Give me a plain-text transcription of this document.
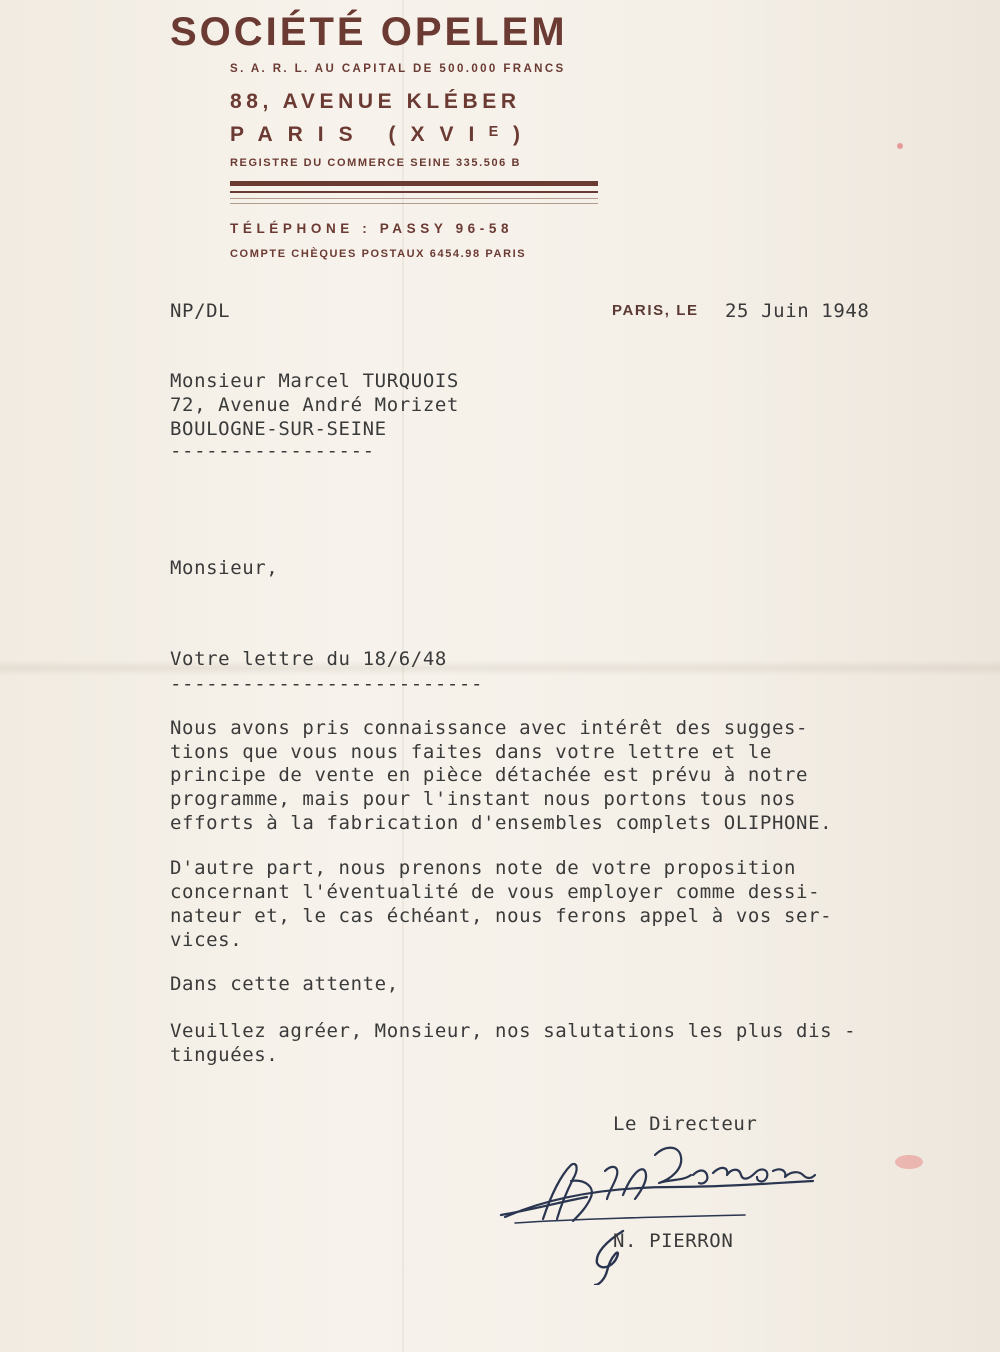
SOCIÉTÉ OPELEM
S. A. R. L. AU CAPITAL DE 500.000 FRANCS
88, AVENUE KLÉBER
PARIS (XVIᴱ)
REGISTRE DU COMMERCE SEINE 335.506 B
TÉLÉPHONE : PASSY 96-58
COMPTE CHÈQUES POSTAUX 6454.98 PARIS
NP/DL	PARIS, LE 25 Juin 1948
Monsieur Marcel TURQUOIS
72, Avenue André Morizet
BOULOGNE-SUR-SEINE
-----------------
Monsieur,
Votre lettre du 18/6/48
--------------------------
Nous avons pris connaissance avec intérêt des sugges-
tions que vous nous faites dans votre lettre et le
principe de vente en pièce détachée est prévu à notre
programme, mais pour l'instant nous portons tous nos
efforts à la fabrication d'ensembles complets OLIPHONE.
D'autre part, nous prenons note de votre proposition
concernant l'éventualité de vous employer comme dessi-
nateur et, le cas échéant, nous ferons appel à vos ser-
vices.
Dans cette attente,
Veuillez agréer, Monsieur, nos salutations les plus dis -
tinguées.
Le Directeur
N. PIERRON
